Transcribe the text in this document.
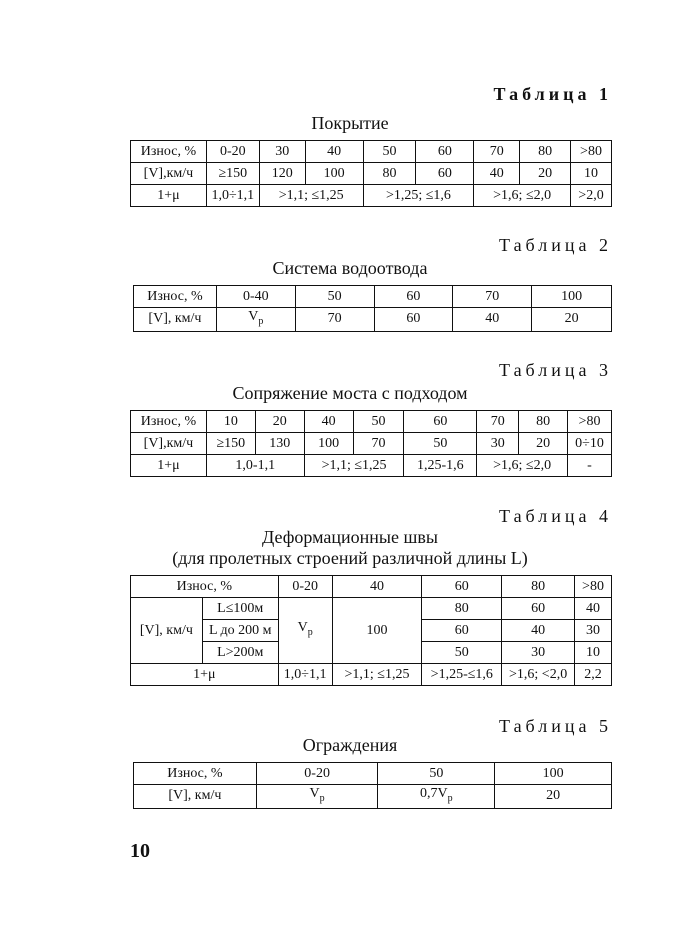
Таблица 1
Покрытие
Износ, %	0-20	30	40	50	60	70	80	>80
[V],км/ч	≥150	120	100	80	60	40	20	10
1+μ	1,0÷1,1	>1,1; ≤1,25		>1,25; ≤1,6		>1,6; ≤2,0		>2,0
Таблица 2
Система водоотвода
Износ, %	0-40	50	60	70	100
[V], км/ч	$V_р$	70	60	40	20
Таблица 3
Сопряжение моста с подходом
Износ, %	10	20	40	50	60	70	80	>80
[V],км/ч	≥150	130	100	70	50	30	20	0÷10
1+μ	1,0-1,1		>1,1; ≤1,25		1,25-1,6	>1,6; ≤2,0		-
Таблица 4
Деформационные швы
(для пролетных строений различной длины L)
Износ, %		0-20	40	60	80	>80
[V], км/ч	L≤100м	$V_р$	100	80	60	40
	L до 200 м			60	40	30
	L>200м			50	30	10
1+μ		1,0÷1,1	>1,1; ≤1,25	>1,25-≤1,6	>1,6; <2,0	2,2
Таблица 5
Ограждения
Износ, %	0-20	50	100
[V], км/ч	$V_р$	$0,7V_р$	20
10
